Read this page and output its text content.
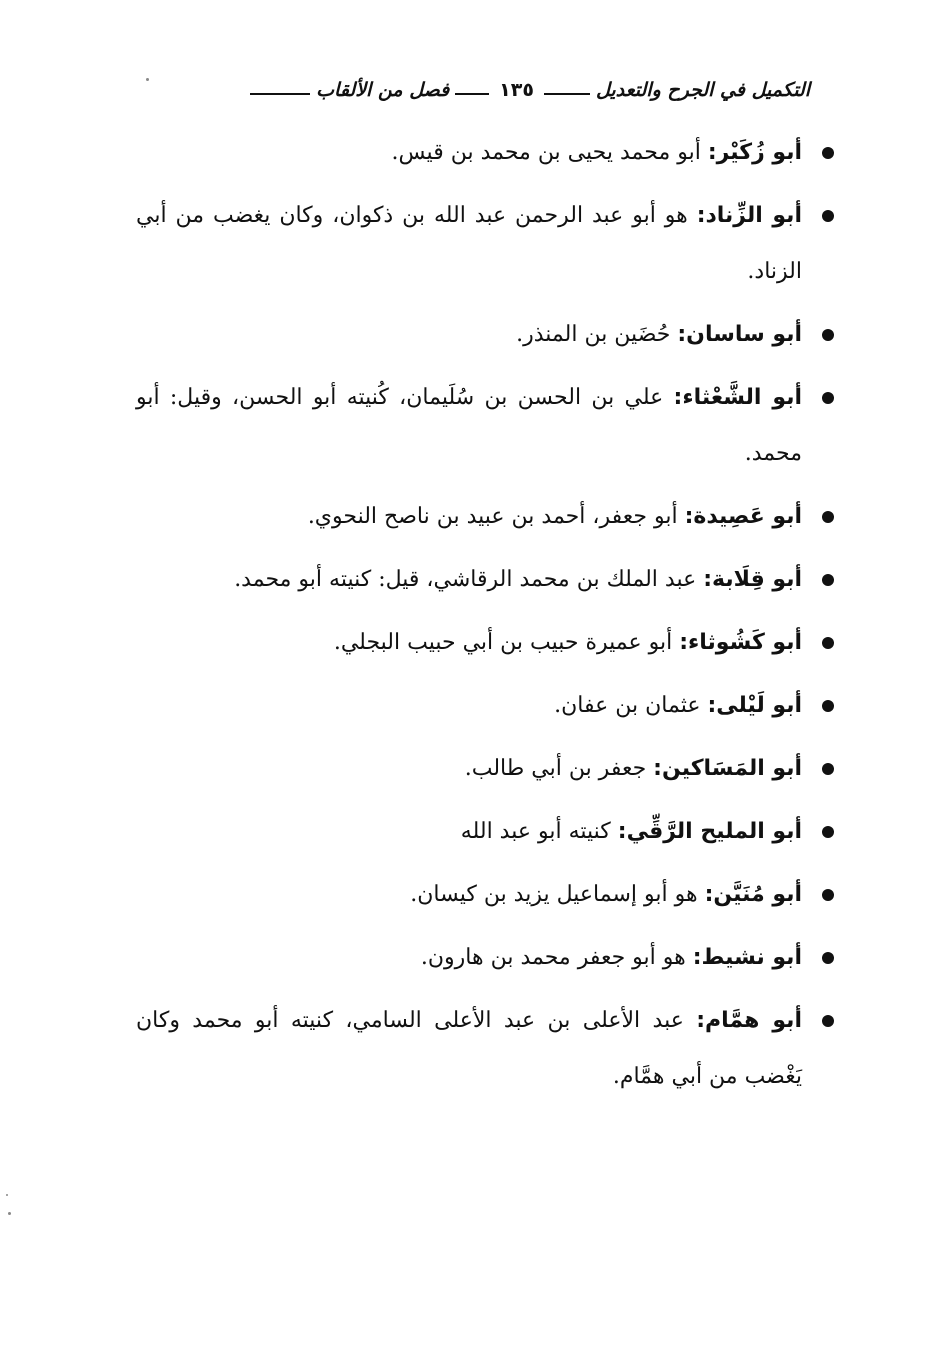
التكميل في الجرح والتعديل
١٣٥
فصل من الألقاب
أبو زُكَيْر: أبو محمد يحيى بن محمد بن قيس.
أبو الزِّناد: هو أبو عبد الرحمن عبد الله بن ذكوان، وكان يغضب من أبي الزناد.
أبو ساسان: حُضَين بن المنذر.
أبو الشَّعْثاء: علي بن الحسن بن سُلَيمان، كُنيته أبو الحسن، وقيل: أبو محمد.
أبو عَصِيدة: أبو جعفر، أحمد بن عبيد بن ناصح النحوي.
أبو قِلَابة: عبد الملك بن محمد الرقاشي، قيل: كنيته أبو محمد.
أبو كَشُوثاء: أبو عميرة حبيب بن أبي حبيب البجلي.
أبو لَيْلى: عثمان بن عفان.
أبو المَسَاكين: جعفر بن أبي طالب.
أبو المليح الرَّقِّي: كنيته أبو عبد الله
أبو مُنَيَّن: هو أبو إسماعيل يزيد بن كيسان.
أبو نشيط: هو أبو جعفر محمد بن هارون.
أبو همَّام: عبد الأعلى بن عبد الأعلى السامي، كنيته أبو محمد وكان يَغْضب من أبي همَّام.
